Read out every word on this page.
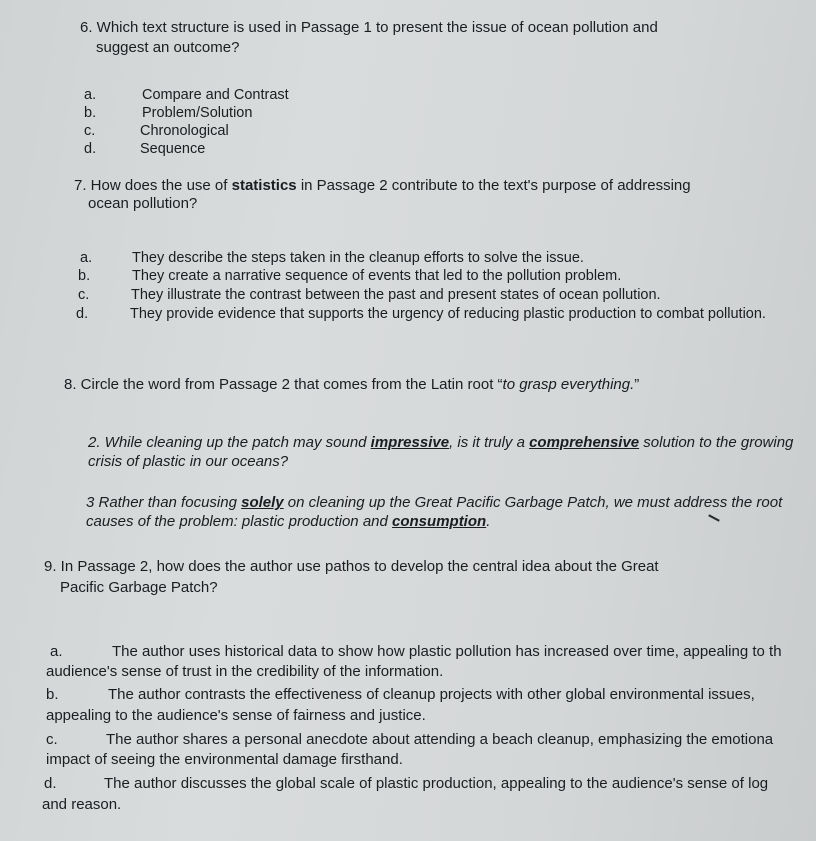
6. Which text structure is used in Passage 1 to present the issue of ocean pollution and
suggest an outcome?
a.	Compare and Contrast
b.	Problem/Solution
c.	Chronological
d.	Sequence
7. How does the use of statistics in Passage 2 contribute to the text's purpose of addressing
ocean pollution?
a.	They describe the steps taken in the cleanup efforts to solve the issue.
b.	They create a narrative sequence of events that led to the pollution problem.
c.	They illustrate the contrast between the past and present states of ocean pollution.
d.	They provide evidence that supports the urgency of reducing plastic production to combat pollution.
8. Circle the word from Passage 2 that comes from the Latin root “to grasp everything.”
2. While cleaning up the patch may sound impressive, is it truly a comprehensive solution to the growing
crisis of plastic in our oceans?
3 Rather than focusing solely on cleaning up the Great Pacific Garbage Patch, we must address the root
causes of the problem: plastic production and consumption.
9. In Passage 2, how does the author use pathos to develop the central idea about the Great
Pacific Garbage Patch?
a.	The author uses historical data to show how plastic pollution has increased over time, appealing to th
audience's sense of trust in the credibility of the information.
b.	The author contrasts the effectiveness of cleanup projects with other global environmental issues,
appealing to the audience's sense of fairness and justice.
c.	The author shares a personal anecdote about attending a beach cleanup, emphasizing the emotiona
impact of seeing the environmental damage firsthand.
d.	The author discusses the global scale of plastic production, appealing to the audience's sense of log
and reason.
